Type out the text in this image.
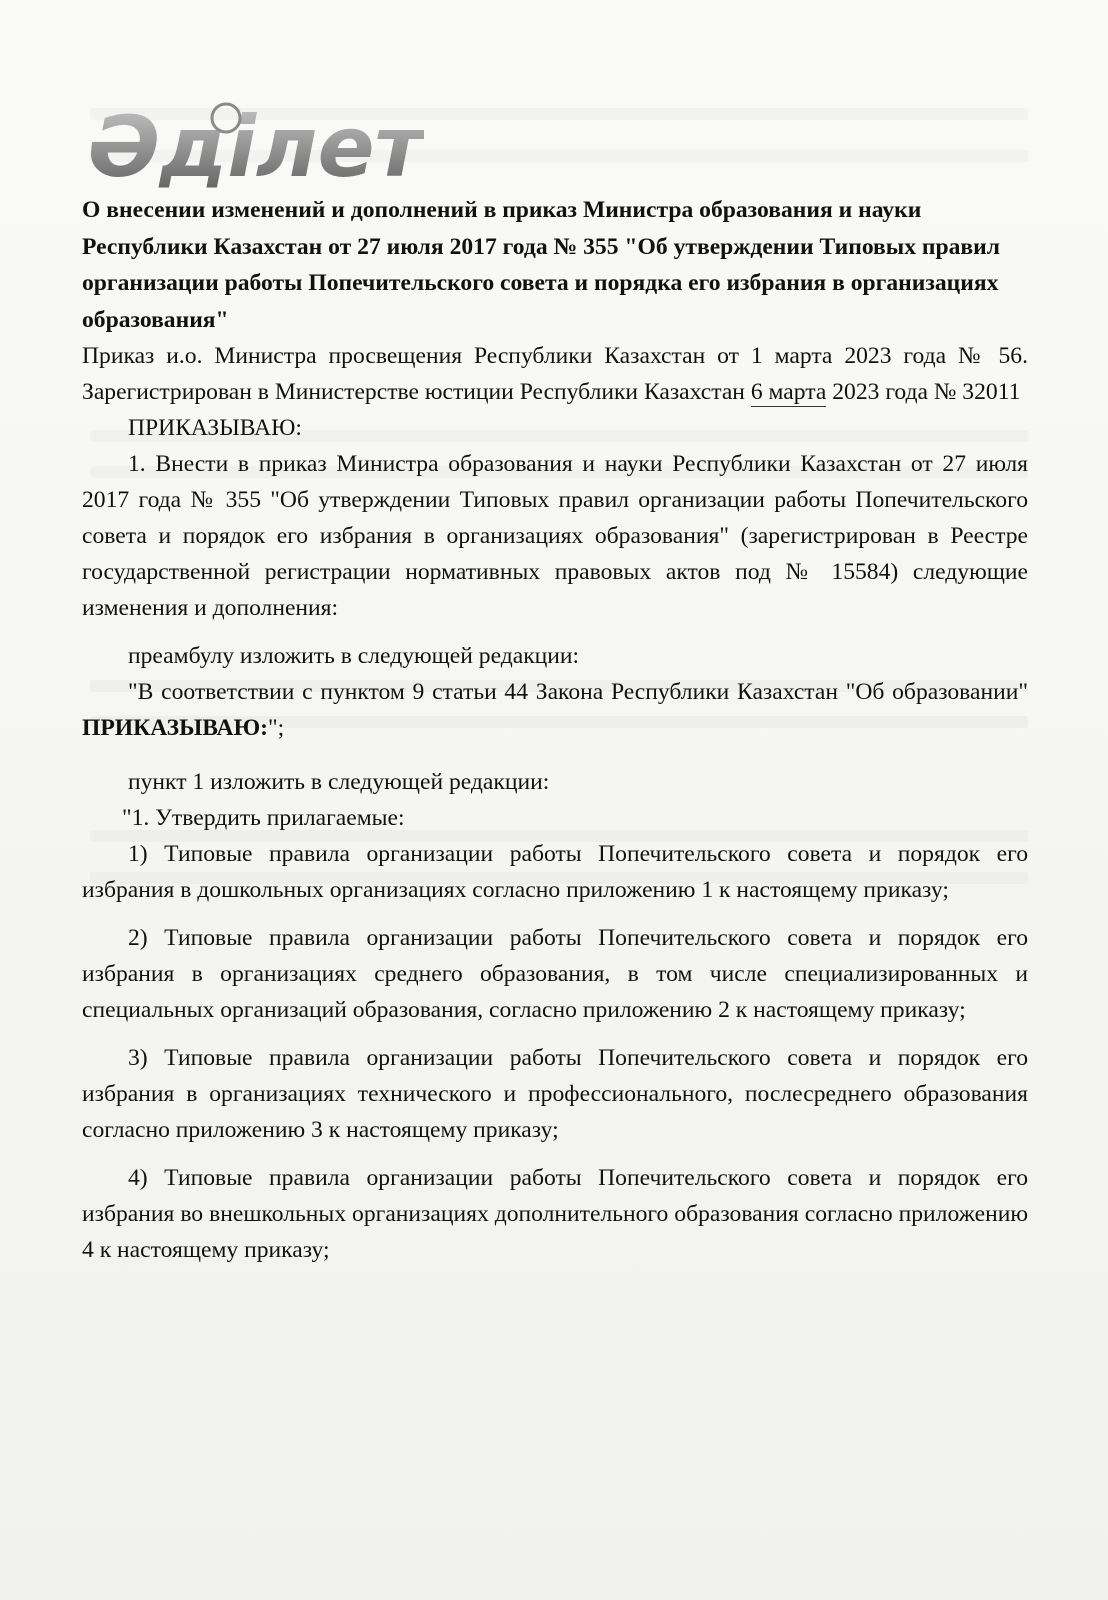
Әділет

О внесении изменений и дополнений в приказ Министра образования и науки Республики Казахстан от 27 июля 2017 года № 355 "Об утверждении Типовых правил организации работы Попечительского совета и порядка его избрания в организациях образования"

Приказ и.о. Министра просвещения Республики Казахстан от 1 марта 2023 года № 56. Зарегистрирован в Министерстве юстиции Республики Казахстан 6 марта 2023 года № 32011

ПРИКАЗЫВАЮ:

1. Внести в приказ Министра образования и науки Республики Казахстан от 27 июля 2017 года № 355 "Об утверждении Типовых правил организации работы Попечительского совета и порядок его избрания в организациях образования" (зарегистрирован в Реестре государственной регистрации нормативных правовых актов под № 15584) следующие изменения и дополнения:

преамбулу изложить в следующей редакции:

"В соответствии с пунктом 9 статьи 44 Закона Республики Казахстан "Об образовании" ПРИКАЗЫВАЮ:";

пункт 1 изложить в следующей редакции:

"1. Утвердить прилагаемые:

1) Типовые правила организации работы Попечительского совета и порядок его избрания в дошкольных организациях согласно приложению 1 к настоящему приказу;

2) Типовые правила организации работы Попечительского совета и порядок его избрания в организациях среднего образования, в том числе специализированных и специальных организаций образования, согласно приложению 2 к настоящему приказу;

3) Типовые правила организации работы Попечительского совета и порядок его избрания в организациях технического и профессионального, послесреднего образования согласно приложению 3 к настоящему приказу;

4) Типовые правила организации работы Попечительского совета и порядок его избрания во внешкольных организациях дополнительного образования согласно приложению 4 к настоящему приказу;
